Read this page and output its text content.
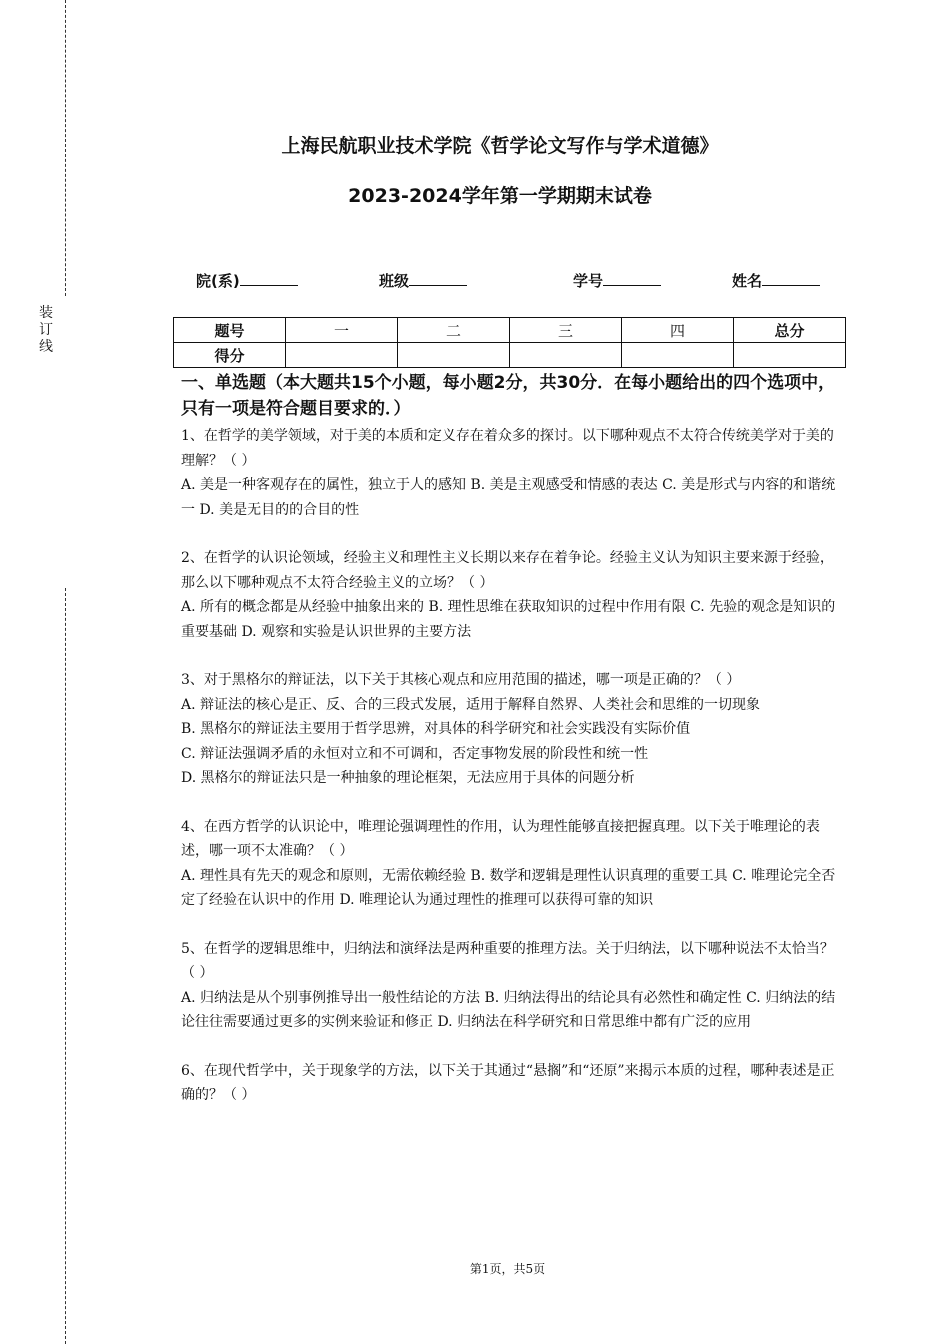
装订线
上海民航职业技术学院《哲学论文写作与学术道德》
2023-2024学年第一学期期末试卷
院(系)	班级	学号	姓名
题号	一	二	三	四	总分
得分					

一、单选题（本大题共15个小题，每小题2分，共30分．在每小题给出的四个选项中，只有一项是符合题目要求的．）

1、在哲学的美学领域，对于美的本质和定义存在着众多的探讨。以下哪种观点不太符合传统美学对于美的理解？（ ）

A. 美是一种客观存在的属性，独立于人的感知 B. 美是主观感受和情感的表达 C. 美是形式与内容的和谐统一 D. 美是无目的的合目的性

2、在哲学的认识论领域，经验主义和理性主义长期以来存在着争论。经验主义认为知识主要来源于经验，那么以下哪种观点不太符合经验主义的立场？（ ）

A. 所有的概念都是从经验中抽象出来的 B. 理性思维在获取知识的过程中作用有限 C. 先验的观念是知识的重要基础 D. 观察和实验是认识世界的主要方法

3、对于黑格尔的辩证法，以下关于其核心观点和应用范围的描述，哪一项是正确的？（ ）

A. 辩证法的核心是正、反、合的三段式发展，适用于解释自然界、人类社会和思维的一切现象

B. 黑格尔的辩证法主要用于哲学思辨，对具体的科学研究和社会实践没有实际价值

C. 辩证法强调矛盾的永恒对立和不可调和，否定事物发展的阶段性和统一性

D. 黑格尔的辩证法只是一种抽象的理论框架，无法应用于具体的问题分析

4、在西方哲学的认识论中，唯理论强调理性的作用，认为理性能够直接把握真理。以下关于唯理论的表述，哪一项不太准确？（ ）

A. 理性具有先天的观念和原则，无需依赖经验 B. 数学和逻辑是理性认识真理的重要工具 C. 唯理论完全否定了经验在认识中的作用 D. 唯理论认为通过理性的推理可以获得可靠的知识

5、在哲学的逻辑思维中，归纳法和演绎法是两种重要的推理方法。关于归纳法，以下哪种说法不太恰当？（ ）

A. 归纳法是从个别事例推导出一般性结论的方法 B. 归纳法得出的结论具有必然性和确定性 C. 归纳法的结论往往需要通过更多的实例来验证和修正 D. 归纳法在科学研究和日常思维中都有广泛的应用

6、在现代哲学中，关于现象学的方法，以下关于其通过“悬搁”和“还原”来揭示本质的过程，哪种表述是正确的？（ ）

第1页，共5页
